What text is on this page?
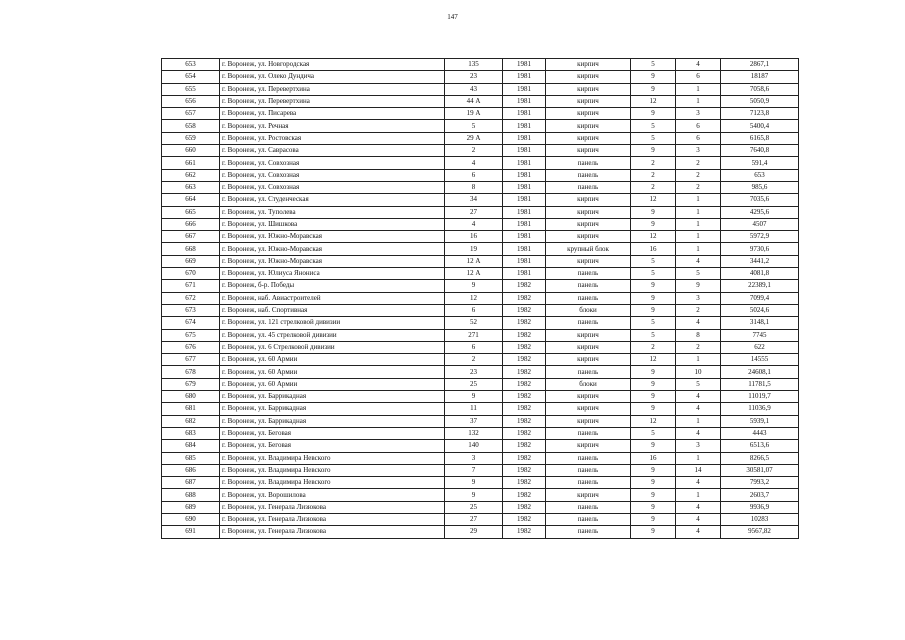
147
653	г. Воронеж, ул. Новгородская	135	1981	кирпич	5	4	2867,1
654	г. Воронеж, ул. Олеко Дундича	23	1981	кирпич	9	6	18187
655	г. Воронеж, ул. Перевертхина	43	1981	кирпич	9	1	7058,6
656	г. Воронеж, ул. Перевертхина	44 А	1981	кирпич	12	1	5050,9
657	г. Воронеж, ул. Писарева	19 А	1981	кирпич	9	3	7123,8
658	г. Воронеж, ул. Речная	5	1981	кирпич	5	6	5400,4
659	г. Воронеж, ул. Ростовская	29 А	1981	кирпич	5	6	6165,8
660	г. Воронеж, ул. Савраcова	2	1981	кирпич	9	3	7640,8
661	г. Воронеж, ул. Совхозная	4	1981	панель	2	2	591,4
662	г. Воронеж, ул. Совхозная	6	1981	панель	2	2	653
663	г. Воронеж, ул. Совхозная	8	1981	панель	2	2	985,6
664	г. Воронеж, ул. Студенческая	34	1981	кирпич	12	1	7035,6
665	г. Воронеж, ул. Туполева	27	1981	кирпич	9	1	4295,6
666	г. Воронеж, ул. Шишкова	4	1981	кирпич	9	1	4507
667	г. Воронеж, ул. Южно-Моравская	16	1981	кирпич	12	1	5972,9
668	г. Воронеж, ул. Южно-Моравская	19	1981	крупный блок	16	1	9730,6
669	г. Воронеж, ул. Южно-Моравская	12 А	1981	кирпич	5	4	3441,2
670	г. Воронеж, ул. Юлиуса Янониса	12 А	1981	панель	5	5	4081,8
671	г. Воронеж, б-р. Победы	9	1982	панель	9	9	22389,1
672	г. Воронеж, наб. Авиастроителей	12	1982	панель	9	3	7099,4
673	г. Воронеж, наб. Спортивная	6	1982	блоки	9	2	5024,6
674	г. Воронеж, ул. 121 стрелковой дивизии	52	1982	панель	5	4	3148,1
675	г. Воронеж, ул. 45 стрелковой дивизии	271	1982	кирпич	5	8	7745
676	г. Воронеж, ул. 6 Стрелковой дивизии	6	1982	кирпич	2	2	622
677	г. Воронеж, ул. 60 Армии	2	1982	кирпич	12	1	14555
678	г. Воронеж, ул. 60 Армии	23	1982	панель	9	10	24608,1
679	г. Воронеж, ул. 60 Армии	25	1982	блоки	9	5	11781,5
680	г. Воронеж, ул. Баррикадная	9	1982	кирпич	9	4	11019,7
681	г. Воронеж, ул. Баррикадная	11	1982	кирпич	9	4	11036,9
682	г. Воронеж, ул. Баррикадная	37	1982	кирпич	12	1	5939,1
683	г. Воронеж, ул. Беговая	132	1982	панель	5	4	4443
684	г. Воронеж, ул. Беговая	140	1982	кирпич	9	3	6513,6
685	г. Воронеж, ул. Владимира Невского	3	1982	панель	16	1	8266,5
686	г. Воронеж, ул. Владимира Невского	7	1982	панель	9	14	30581,07
687	г. Воронеж, ул. Владимира Невского	9	1982	панель	9	4	7993,2
688	г. Воронеж, ул. Ворошилова	9	1982	кирпич	9	1	2603,7
689	г. Воронеж, ул. Генерала Лизюкова	25	1982	панель	9	4	9936,9
690	г. Воронеж, ул. Генерала Лизюкова	27	1982	панель	9	4	10283
691	г. Воронеж, ул. Генерала Лизюкова	29	1982	панель	9	4	9567,82
